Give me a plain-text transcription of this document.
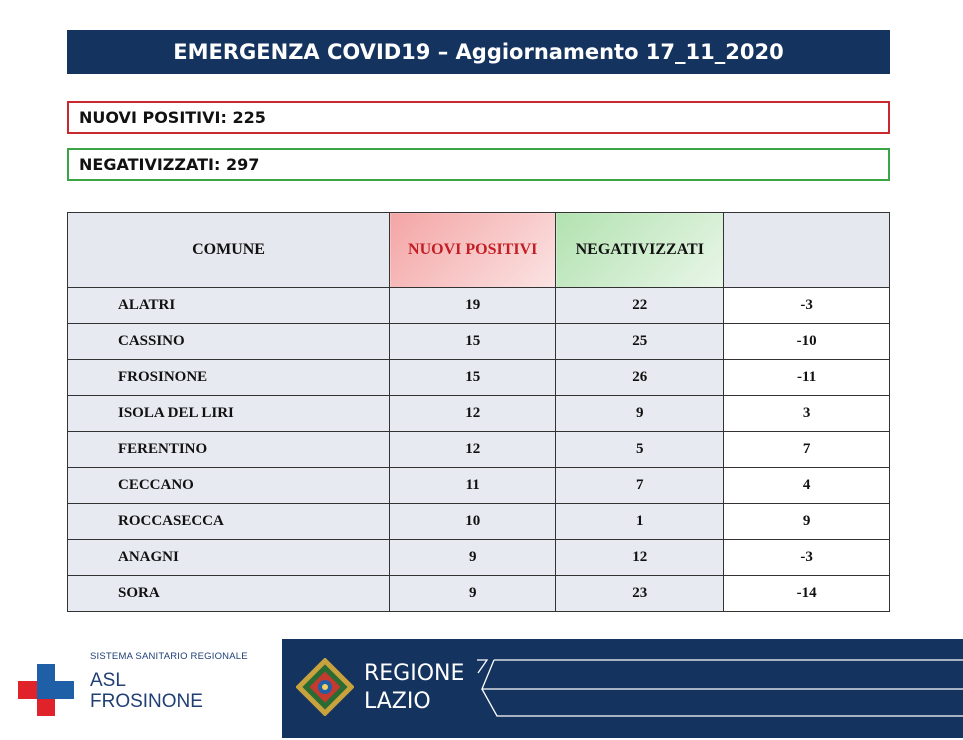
EMERGENZA COVID19 – Aggiornamento 17_11_2020
NUOVI POSITIVI: 225
NEGATIVIZZATI: 297
COMUNE	NUOVI POSITIVI	NEGATIVIZZATI	
ALATRI	19	22	-3
CASSINO	15	25	-10
FROSINONE	15	26	-11
ISOLA DEL LIRI	12	9	3
FERENTINO	12	5	7
CECCANO	11	7	4
ROCCASECCA	10	1	9
ANAGNI	9	12	-3
SORA	9	23	-14
SISTEMA SANITARIO REGIONALE
ASL
FROSINONE
REGIONE
LAZIO
